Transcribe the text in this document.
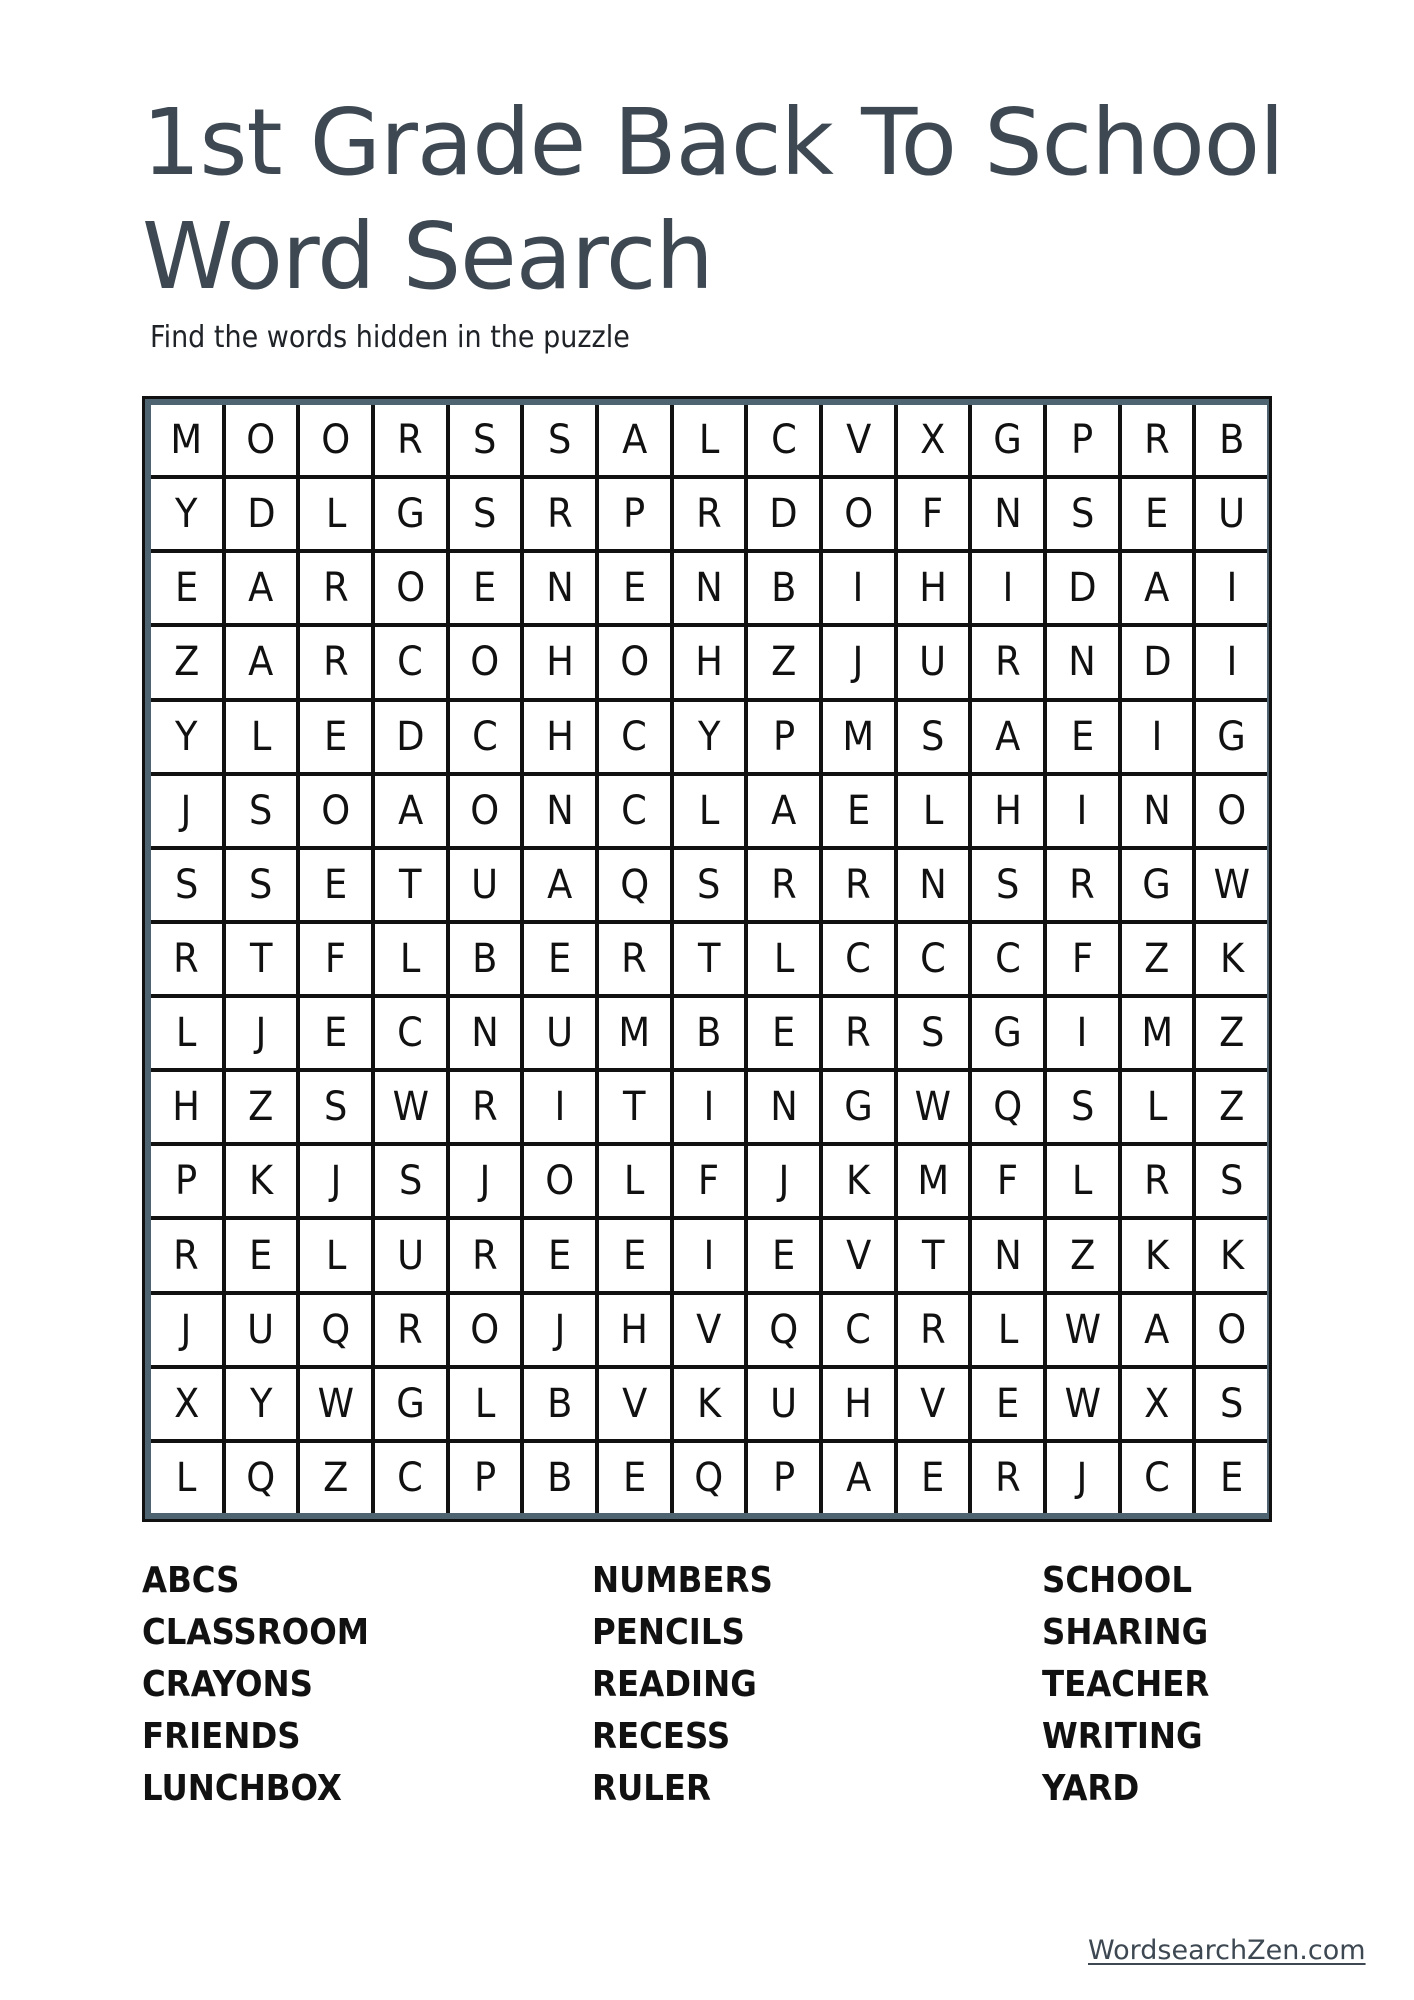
1st Grade Back To School
Word Search

Find the words hidden in the puzzle

M O O R S S A L C V X G P R B
Y D L G S R P R D O F N S E U
E A R O E N E N B I H I D A I
Z A R C O H O H Z J U R N D I
Y L E D C H C Y P M S A E I G
J S O A O N C L A E L H I N O
S S E T U A Q S R R N S R G W
R T F L B E R T L C C C F Z K
L J E C N U M B E R S G I M Z
H Z S W R I T I N G W Q S L Z
P K J S J O L F J K M F L R S
R E L U R E E I E V T N Z K K
J U Q R O J H V Q C R L W A O
X Y W G L B V K U H V E W X S
L Q Z C P B E Q P A E R J C E
ABCS
CLASSROOM
CRAYONS
FRIENDS
LUNCHBOX
NUMBERS
PENCILS
READING
RECESS
RULER
SCHOOL
SHARING
TEACHER
WRITING
YARD
WordsearchZen.com
